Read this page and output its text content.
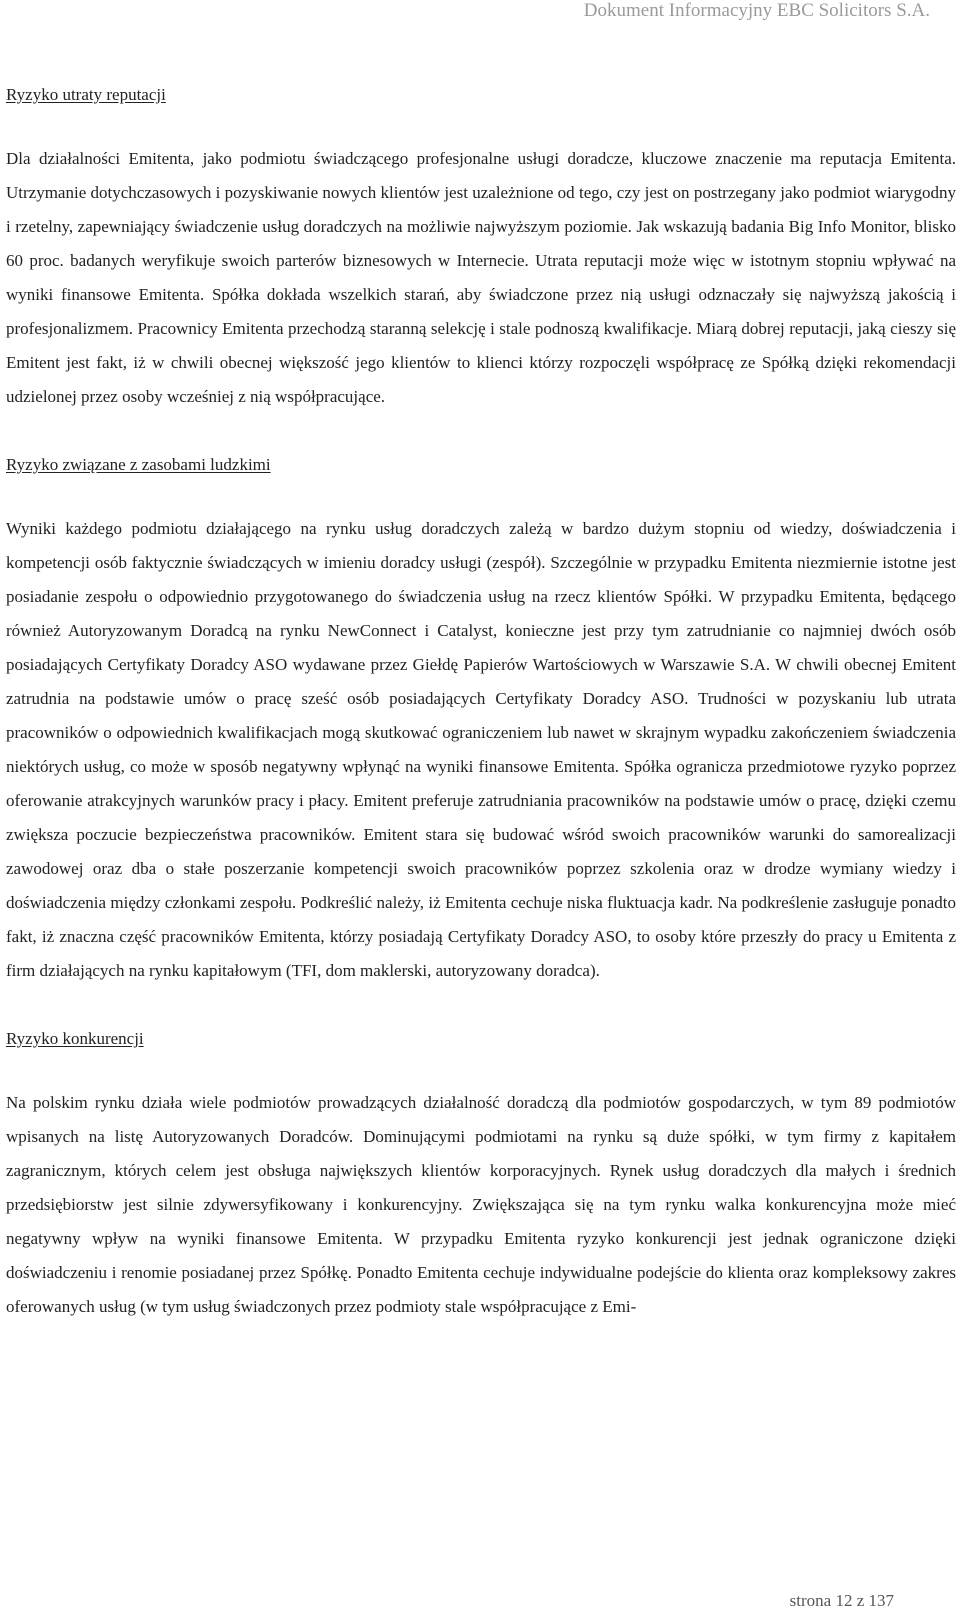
Dokument Informacyjny EBC Solicitors S.A.

Ryzyko utraty reputacji

Dla działalności Emitenta, jako podmiotu świadczącego profesjonalne usługi doradcze, kluczowe znaczenie ma reputacja Emitenta. Utrzymanie dotychczasowych i pozyskiwanie nowych klientów jest uzależnione od tego, czy jest on postrzegany jako podmiot wiarygodny i rzetelny, zapewniający świadczenie usług doradczych na możliwie najwyższym poziomie. Jak wskazują badania Big Info Monitor, blisko 60 proc. badanych weryfikuje swoich parterów biznesowych w Internecie. Utrata reputacji może więc w istotnym stopniu wpływać na wyniki finansowe Emitenta. Spółka dokłada wszelkich starań, aby świadczone przez nią usługi odznaczały się najwyższą jakością i profesjonalizmem. Pracownicy Emitenta przechodzą staranną selekcję i stale podnoszą kwalifikacje. Miarą dobrej reputacji, jaką cieszy się Emitent jest fakt, iż w chwili obecnej większość jego klientów to klienci którzy rozpoczęli współpracę ze Spółką dzięki rekomendacji udzielonej przez osoby wcześniej z nią współpracujące.

Ryzyko związane z zasobami ludzkimi

Wyniki każdego podmiotu działającego na rynku usług doradczych zależą w bardzo dużym stopniu od wiedzy, doświadczenia i kompetencji osób faktycznie świadczących w imieniu doradcy usługi (zespół). Szczególnie w przypadku Emitenta niezmiernie istotne jest posiadanie zespołu o odpowiednio przygotowanego do świadczenia usług na rzecz klientów Spółki. W przypadku Emitenta, będącego również Autoryzowanym Doradcą na rynku NewConnect i Catalyst, konieczne jest przy tym zatrudnianie co najmniej dwóch osób posiadających Certyfikaty Doradcy ASO wydawane przez Giełdę Papierów Wartościowych w Warszawie S.A. W chwili obecnej Emitent zatrudnia na podstawie umów o pracę sześć osób posiadających Certyfikaty Doradcy ASO. Trudności w pozyskaniu lub utrata pracowników o odpowiednich kwalifikacjach mogą skutkować ograniczeniem lub nawet w skrajnym wypadku zakończeniem świadczenia niektórych usług, co może w sposób negatywny wpłynąć na wyniki finansowe Emitenta. Spółka ogranicza przedmiotowe ryzyko poprzez oferowanie atrakcyjnych warunków pracy i płacy. Emitent preferuje zatrudniania pracowników na podstawie umów o pracę, dzięki czemu zwiększa poczucie bezpieczeństwa pracowników. Emitent stara się budować wśród swoich pracowników warunki do samorealizacji zawodowej oraz dba o stałe poszerzanie kompetencji swoich pracowników poprzez szkolenia oraz w drodze wymiany wiedzy i doświadczenia między członkami zespołu. Podkreślić należy, iż Emitenta cechuje niska fluktuacja kadr. Na podkreślenie zasługuje ponadto fakt, iż znaczna część pracowników Emitenta, którzy posiadają Certyfikaty Doradcy ASO, to osoby które przeszły do pracy u Emitenta z firm działających na rynku kapitałowym (TFI, dom maklerski, autoryzowany doradca).

Ryzyko konkurencji

Na polskim rynku działa wiele podmiotów prowadzących działalność doradczą dla podmiotów gospodarczych, w tym 89 podmiotów wpisanych na listę Autoryzowanych Doradców. Dominującymi podmiotami na rynku są duże spółki, w tym firmy z kapitałem zagranicznym, których celem jest obsługa największych klientów korporacyjnych. Rynek usług doradczych dla małych i średnich przedsiębiorstw jest silnie zdywersyfikowany i konkurencyjny. Zwiększająca się na tym rynku walka konkurencyjna może mieć negatywny wpływ na wyniki finansowe Emitenta. W przypadku Emitenta ryzyko konkurencji jest jednak ograniczone dzięki doświadczeniu i renomie posiadanej przez Spółkę. Ponadto Emitenta cechuje indywidualne podejście do klienta oraz kompleksowy zakres oferowanych usług (w tym usług świadczonych przez podmioty stale współpracujące z Emi-

strona 12 z 137
